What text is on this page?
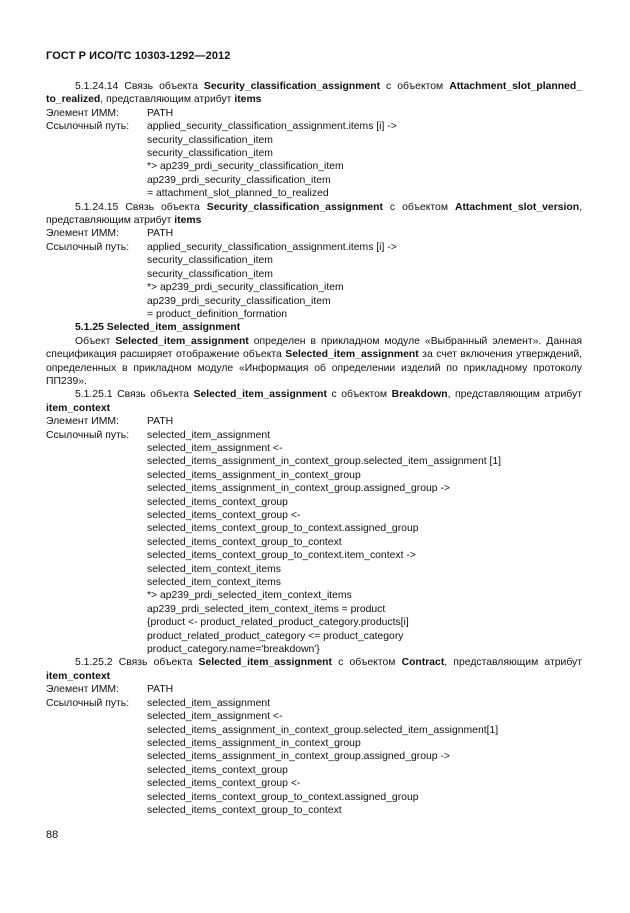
ГОСТ Р ИСО/ТС 10303-1292—2012

5.1.24.14 Связь объекта Security_classification_assignment с объектом Attachment_slot_planned_ to_realized, представляющим атрибут items

Элемент ИММ:	PATH
Ссылочный путь:	applied_security_classification_assignment.items [i] ->

security_classification_item

security_classification_item

*> ap239_prdi_security_classification_item

ap239_prdi_security_classification_item

= attachment_slot_planned_to_realized

5.1.24.15 Связь объекта Security_classification_assignment с объектом Attachment_slot_version, представляющим атрибут items

Элемент ИММ:	PATH
Ссылочный путь:	applied_security_classification_assignment.items [i] ->

security_classification_item

security_classification_item

*> ap239_prdi_security_classification_item

ap239_prdi_security_classification_item

= product_definition_formation

5.1.25 Selected_item_assignment

Объект Selected_item_assignment определен в прикладном модуле «Выбранный элемент». Данная спецификация расширяет отображение объекта Selected_item_assignment за счет включения утверждений, определенных в прикладном модуле «Информация об определении изделий по прикладному протоколу ПП239».

5.1.25.1 Связь объекта Selected_item_assignment с объектом Breakdown, представляющим атрибут item_context

Элемент ИММ:	PATH
Ссылочный путь:	selected_item_assignment

selected_item_assignment <-

selected_items_assignment_in_context_group.selected_item_assignment [1]

selected_items_assignment_in_context_group

selected_items_assignment_in_context_group.assigned_group ->

selected_items_context_group

selected_items_context_group <-

selected_items_context_group_to_context.assigned_group

selected_items_context_group_to_context

selected_items_context_group_to_context.item_context ->

selected_item_context_items

selected_item_context_items

*> ap239_prdi_selected_item_context_items

ap239_prdi_selected_item_context_items = product

{product <- product_related_product_category.products[i]

product_related_product_category <= product_category

product_category.name='breakdown'}

5.1.25.2 Связь объекта Selected_item_assignment с объектом Contract, представляющим атрибут item_context

Элемент ИММ:	PATH
Ссылочный путь:	selected_item_assignment

selected_item_assignment <-

selected_items_assignment_in_context_group.selected_item_assignment[1]

selected_items_assignment_in_context_group

selected_items_assignment_in_context_group.assigned_group ->

selected_items_context_group

selected_items_context_group <-

selected_items_context_group_to_context.assigned_group

selected_items_context_group_to_context

88
